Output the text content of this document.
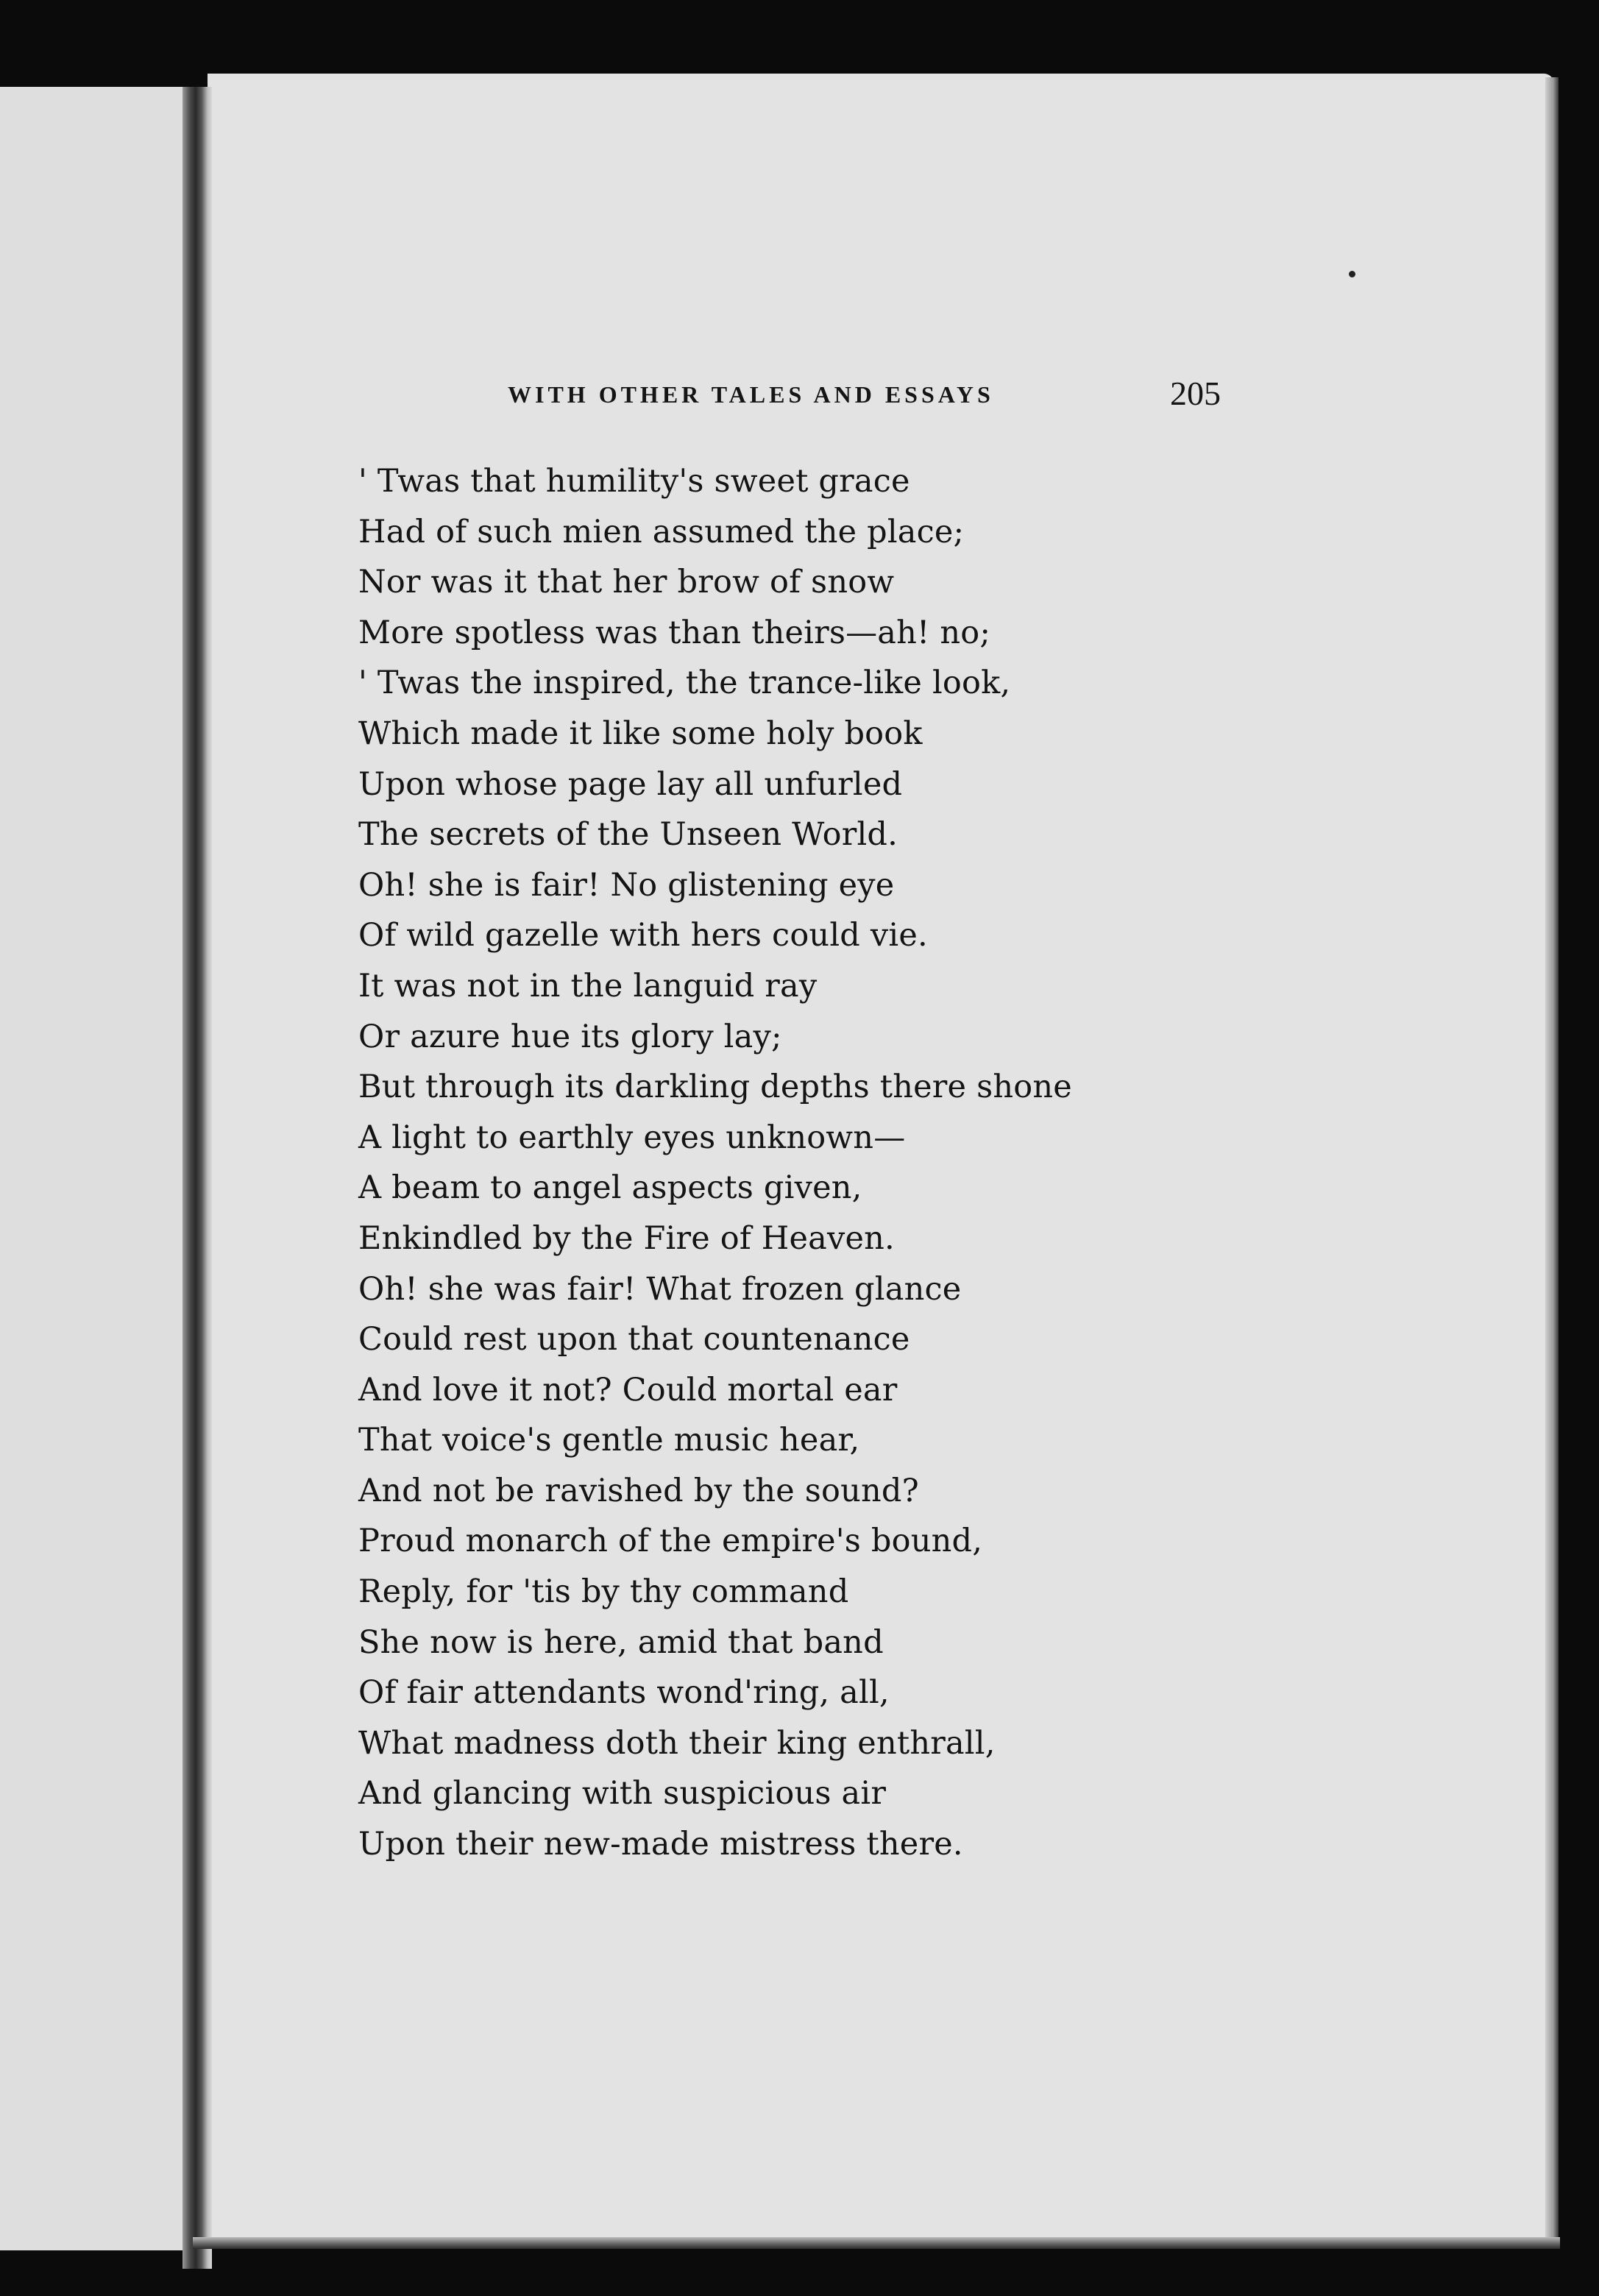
WITH OTHER TALES AND ESSAYS	205
' Twas that humility's sweet grace
Had of such mien assumed the place;
Nor was it that her brow of snow
More spotless was than theirs—ah! no;
' Twas the inspired, the trance-like look,
Which made it like some holy book
Upon whose page lay all unfurled
The secrets of the Unseen World.
Oh! she is fair! No glistening eye
Of wild gazelle with hers could vie.
It was not in the languid ray
Or azure hue its glory lay;
But through its darkling depths there shone
A light to earthly eyes unknown—
A beam to angel aspects given,
Enkindled by the Fire of Heaven.
Oh! she was fair! What frozen glance
Could rest upon that countenance
And love it not? Could mortal ear
That voice's gentle music hear,
And not be ravished by the sound?
Proud monarch of the empire's bound,
Reply, for 'tis by thy command
She now is here, amid that band
Of fair attendants wond'ring, all,
What madness doth their king enthrall,
And glancing with suspicious air
Upon their new-made mistress there.
